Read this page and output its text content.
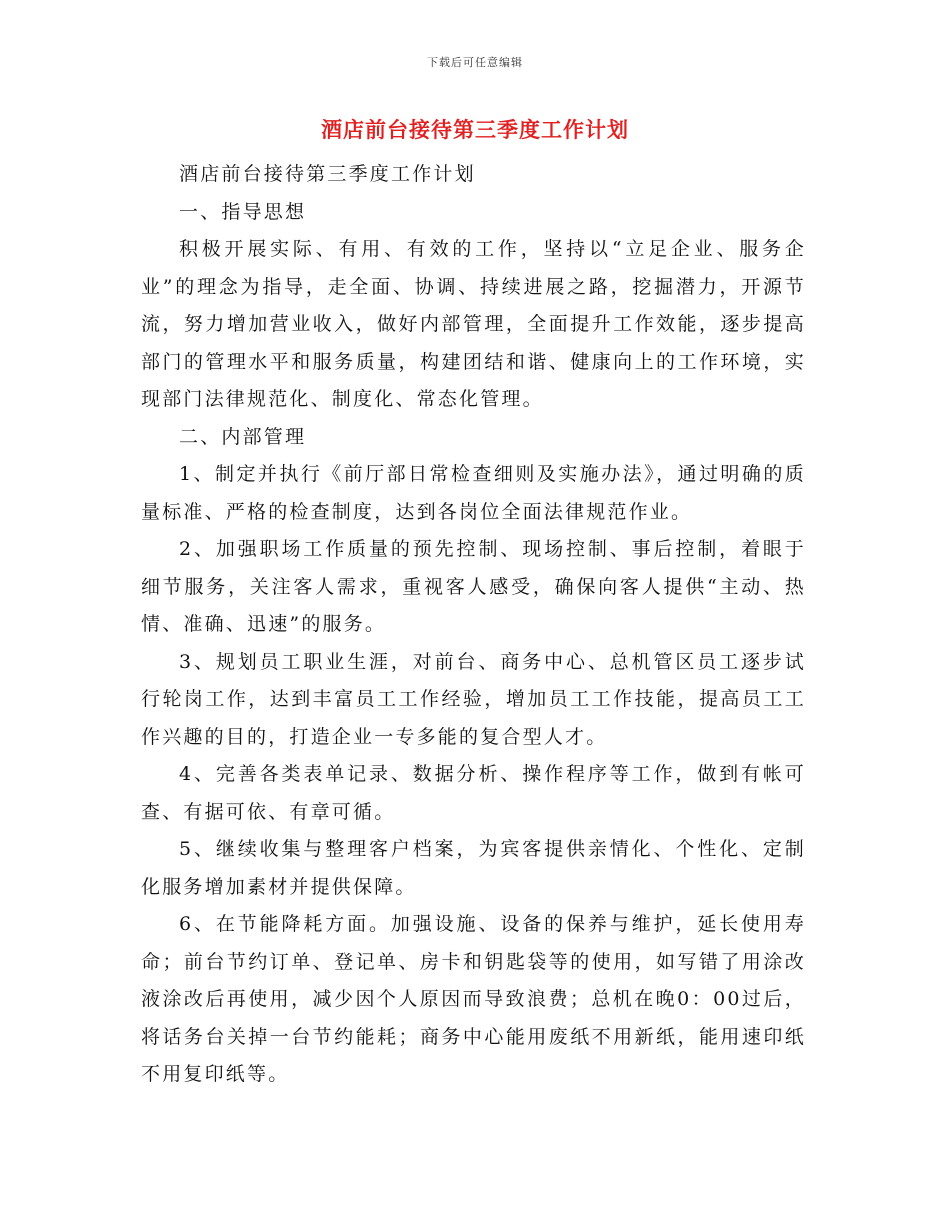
下载后可任意编辑
酒店前台接待第三季度工作计划

酒店前台接待第三季度工作计划

一、指导思想

积极开展实际、有用、有效的工作，坚持以“立足企业、服务企业”的理念为指导，走全面、协调、持续进展之路，挖掘潜力，开源节流，努力增加营业收入，做好内部管理，全面提升工作效能，逐步提高部门的管理水平和服务质量，构建团结和谐、健康向上的工作环境，实现部门法律规范化、制度化、常态化管理。

二、内部管理

1、制定并执行《前厅部日常检查细则及实施办法》，通过明确的质量标准、严格的检查制度，达到各岗位全面法律规范作业。

2、加强职场工作质量的预先控制、现场控制、事后控制，着眼于细节服务，关注客人需求，重视客人感受，确保向客人提供“主动、热情、准确、迅速”的服务。

3、规划员工职业生涯，对前台、商务中心、总机管区员工逐步试行轮岗工作，达到丰富员工工作经验，增加员工工作技能，提高员工工作兴趣的目的，打造企业一专多能的复合型人才。

4、完善各类表单记录、数据分析、操作程序等工作，做到有帐可查、有据可依、有章可循。

5、继续收集与整理客户档案，为宾客提供亲情化、个性化、定制化服务增加素材并提供保障。

6、在节能降耗方面。加强设施、设备的保养与维护，延长使用寿命；前台节约订单、登记单、房卡和钥匙袋等的使用，如写错了用涂改液涂改后再使用，减少因个人原因而导致浪费；总机在晚0：00过后，将话务台关掉一台节约能耗；商务中心能用废纸不用新纸，能用速印纸不用复印纸等。
